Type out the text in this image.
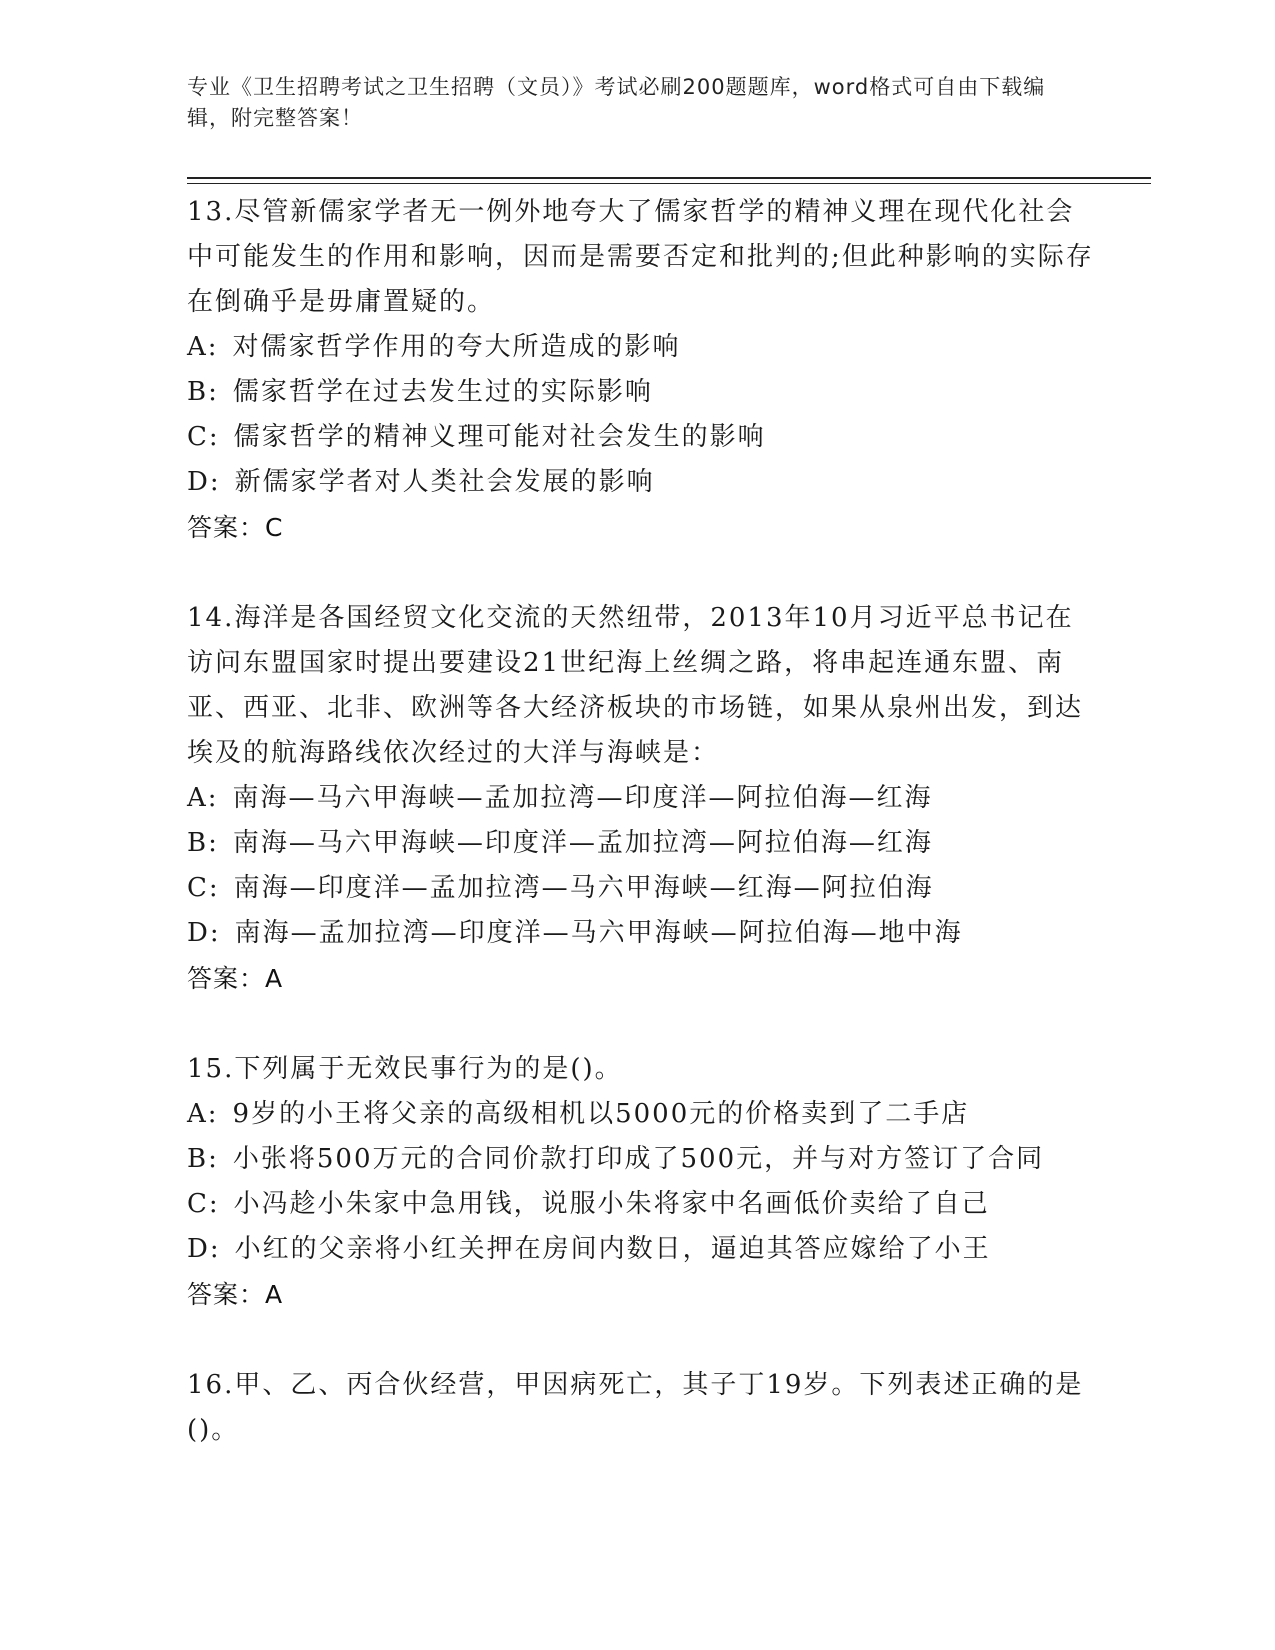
专业《卫生招聘考试之卫生招聘（文员）》考试必刷200题题库，word格式可自由下载编辑，附完整答案！

13.尽管新儒家学者无一例外地夸大了儒家哲学的精神义理在现代化社会中可能发生的作用和影响，因而是需要否定和批判的;但此种影响的实际存在倒确乎是毋庸置疑的。

A: 对儒家哲学作用的夸大所造成的影响

B: 儒家哲学在过去发生过的实际影响

C: 儒家哲学的精神义理可能对社会发生的影响

D: 新儒家学者对人类社会发展的影响

答案：C

14.海洋是各国经贸文化交流的天然纽带，2013年10月习近平总书记在访问东盟国家时提出要建设21世纪海上丝绸之路，将串起连通东盟、南亚、西亚、北非、欧洲等各大经济板块的市场链，如果从泉州出发，到达埃及的航海路线依次经过的大洋与海峡是：

A: 南海—马六甲海峡—孟加拉湾—印度洋—阿拉伯海—红海

B: 南海—马六甲海峡—印度洋—孟加拉湾—阿拉伯海—红海

C: 南海—印度洋—孟加拉湾—马六甲海峡—红海—阿拉伯海

D: 南海—孟加拉湾—印度洋—马六甲海峡—阿拉伯海—地中海

答案：A

15.下列属于无效民事行为的是()。

A: 9岁的小王将父亲的高级相机以5000元的价格卖到了二手店

B: 小张将500万元的合同价款打印成了500元，并与对方签订了合同

C: 小冯趁小朱家中急用钱，说服小朱将家中名画低价卖给了自己

D: 小红的父亲将小红关押在房间内数日，逼迫其答应嫁给了小王

答案：A

16.甲、乙、丙合伙经营，甲因病死亡，其子丁19岁。下列表述正确的是()。
